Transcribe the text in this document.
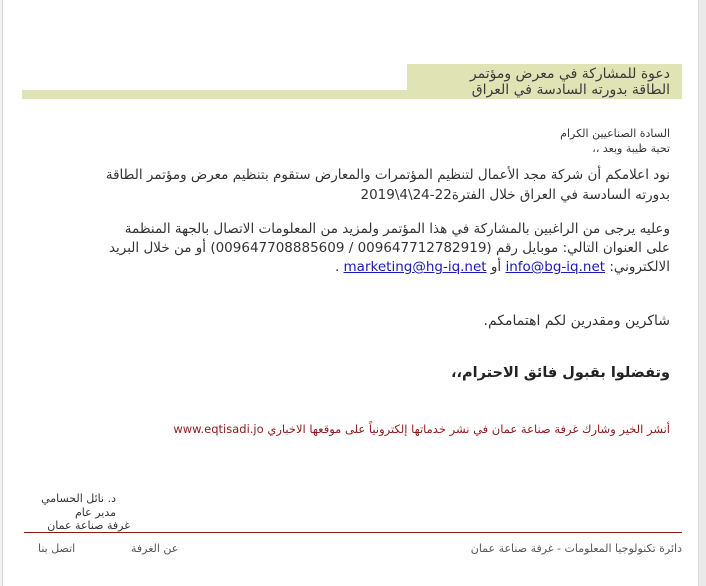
دعوة للمشاركة في معرض ومؤتمر
الطاقة بدورته السادسة في العراق
السادة الصناعيين الكرام
تحية طيبة وبعد ،،
نود اعلامكم أن شركة مجد الأعمال لتنظيم المؤتمرات والمعارض ستقوم بتنظيم معرض ومؤتمر الطاقة
بدورته السادسة في العراق خلال الفترة22-24\4\2019
وعليه يرجى من الراغبين بالمشاركة في هذا المؤتمر ولمزيد من المعلومات الاتصال بالجهة المنظمة
على العنوان التالي: موبايل رقم (009647712782919 / 009647708885609) أو من خلال البريد
الالكتروني: info@bg-iq.net أو marketing@hg-iq.net .
شاكرين ومقدرين لكم اهتمامكم.
وتفضلوا بقبول فائق الاحترام،،
أنشر الخير وشارك غرفة صناعة عمان في نشر خدماتها إلكترونياً على موقعها الاخباري www.eqtisadi.jo
د. نائل الحسامي
مدير عام
غرفة صناعة عمان
دائرة تكنولوجيا المعلومات - غرفة صناعة عمان
عن الغرفة
اتصل بنا
